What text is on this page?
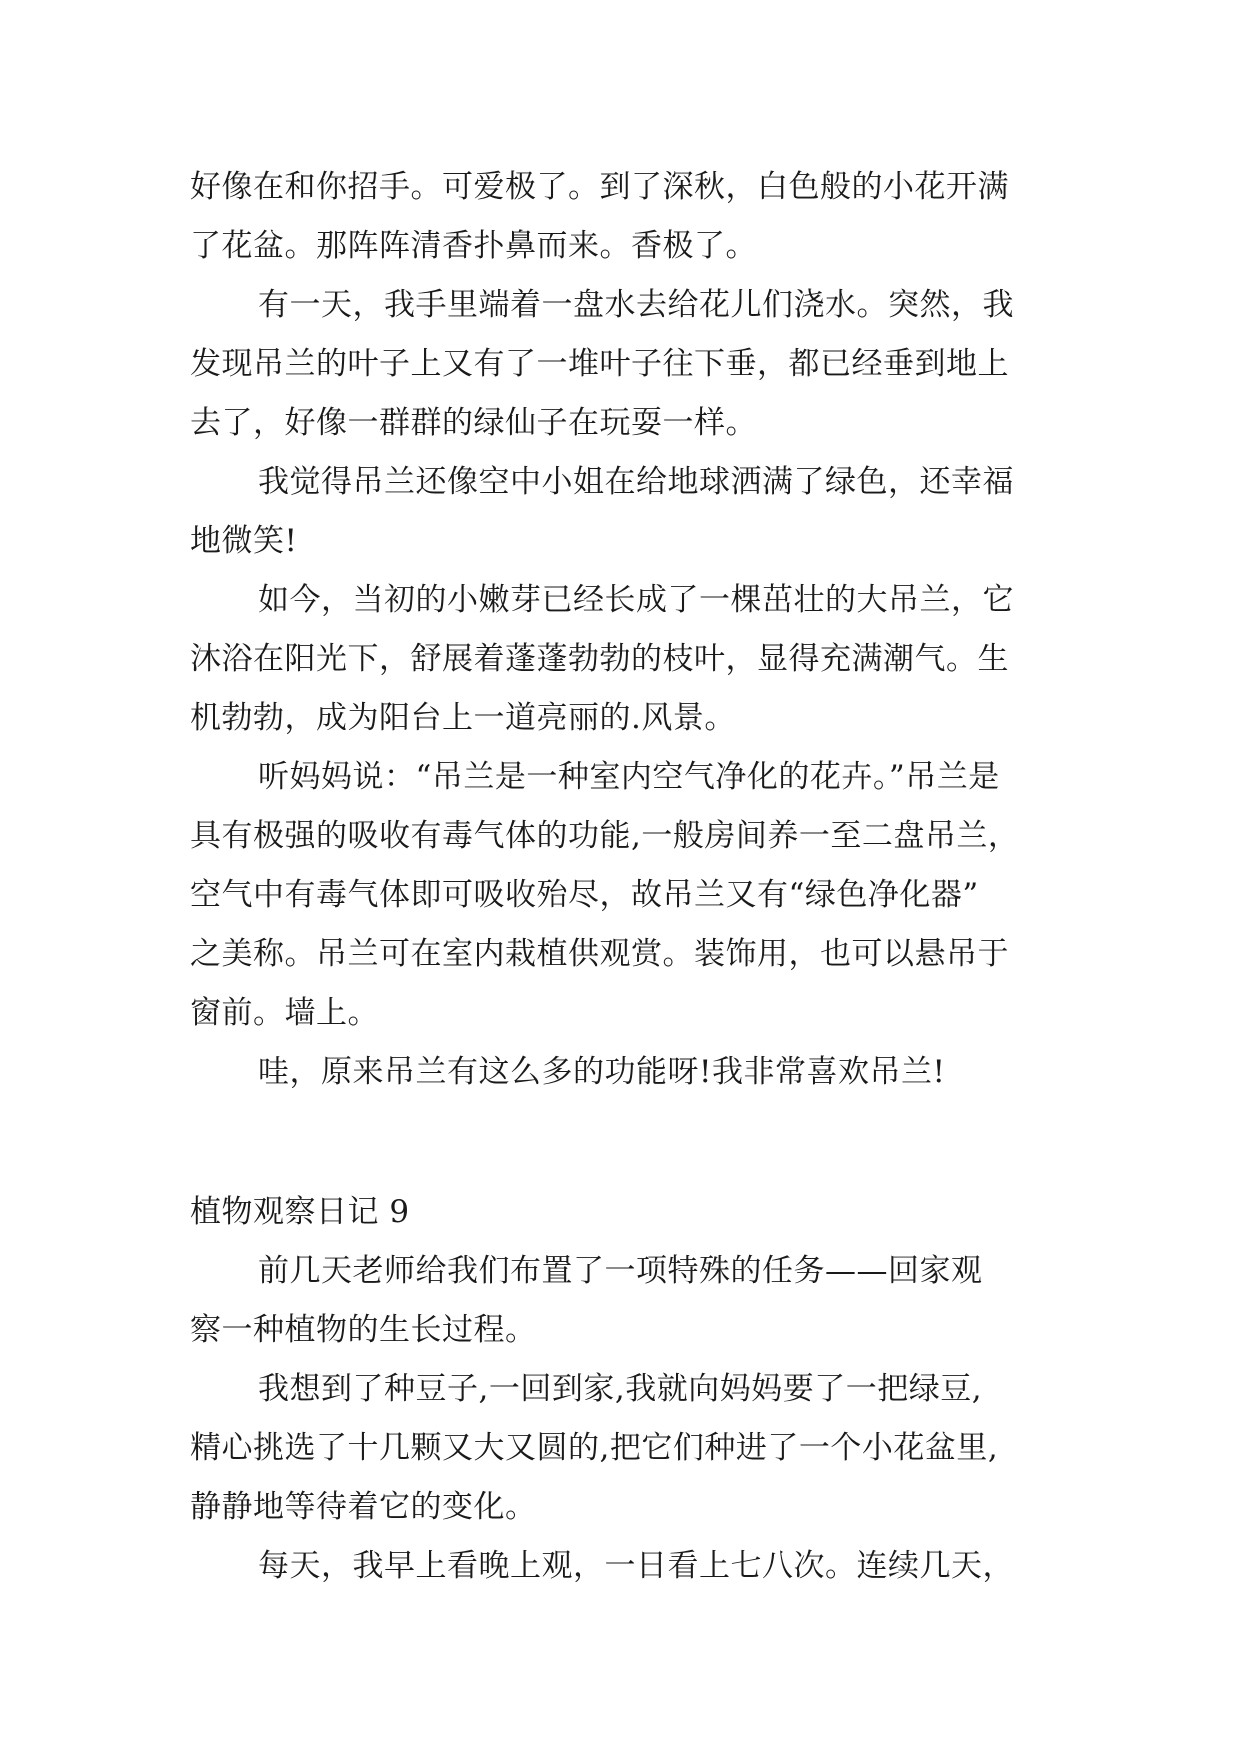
好像在和你招手。可爱极了。到了深秋，白色般的小花开满
了花盆。那阵阵清香扑鼻而来。香极了。
有一天，我手里端着一盘水去给花儿们浇水。突然，我
发现吊兰的叶子上又有了一堆叶子往下垂，都已经垂到地上
去了，好像一群群的绿仙子在玩耍一样。
我觉得吊兰还像空中小姐在给地球洒满了绿色，还幸福
地微笑!
如今，当初的小嫩芽已经长成了一棵茁壮的大吊兰，它
沐浴在阳光下，舒展着蓬蓬勃勃的枝叶，显得充满潮气。生
机勃勃，成为阳台上一道亮丽的.风景。
听妈妈说：“吊兰是一种室内空气净化的花卉。”吊兰是
具有极强的吸收有毒气体的功能,一般房间养一至二盘吊兰，
空气中有毒气体即可吸收殆尽，故吊兰又有“绿色净化器”
之美称。吊兰可在室内栽植供观赏。装饰用，也可以悬吊于
窗前。墙上。
哇，原来吊兰有这么多的功能呀!我非常喜欢吊兰!
植物观察日记 9
前几天老师给我们布置了一项特殊的任务——回家观
察一种植物的生长过程。
我想到了种豆子,一回到家,我就向妈妈要了一把绿豆,
精心挑选了十几颗又大又圆的,把它们种进了一个小花盆里,
静静地等待着它的变化。
每天，我早上看晚上观，一日看上七八次。连续几天，
